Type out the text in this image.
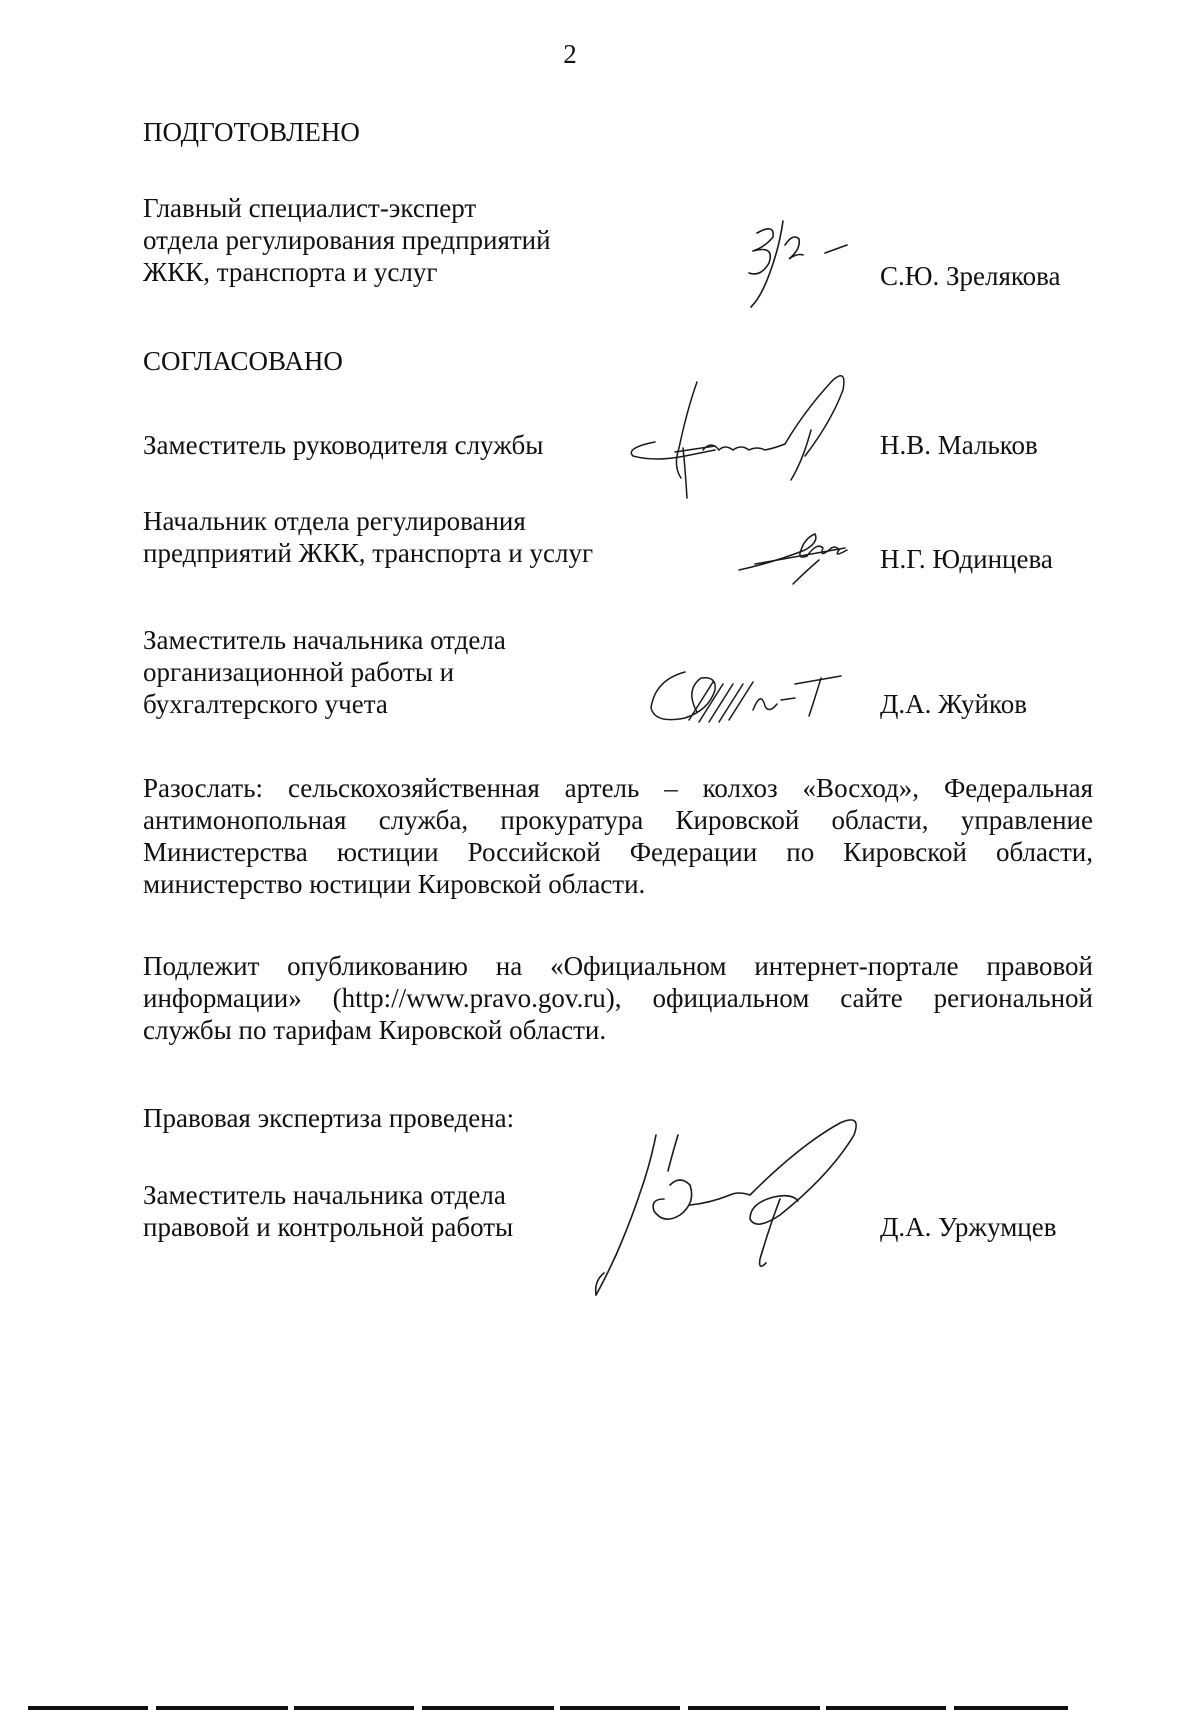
2
ПОДГОТОВЛЕНО
Главный специалист-эксперт
отдела регулирования предприятий
ЖКК, транспорта и услуг	С.Ю. Зрелякова
СОГЛАСОВАНО
Заместитель руководителя службы	Н.В. Мальков
Начальник отдела регулирования
предприятий ЖКК, транспорта и услуг	Н.Г. Юдинцева
Заместитель начальника отдела
организационной работы и
бухгалтерского учета	Д.А. Жуйков
Разослать: сельскохозяйственная артель – колхоз «Восход», Федеральная
антимонопольная служба, прокуратура Кировской области, управление
Министерства юстиции Российской Федерации по Кировской области,
министерство юстиции Кировской области.
Подлежит опубликованию на «Официальном интернет-портале правовой
информации» (http://www.pravo.gov.ru), официальном сайте региональной
службы по тарифам Кировской области.
Правовая экспертиза проведена:
Заместитель начальника отдела
правовой и контрольной работы	Д.А. Уржумцев
